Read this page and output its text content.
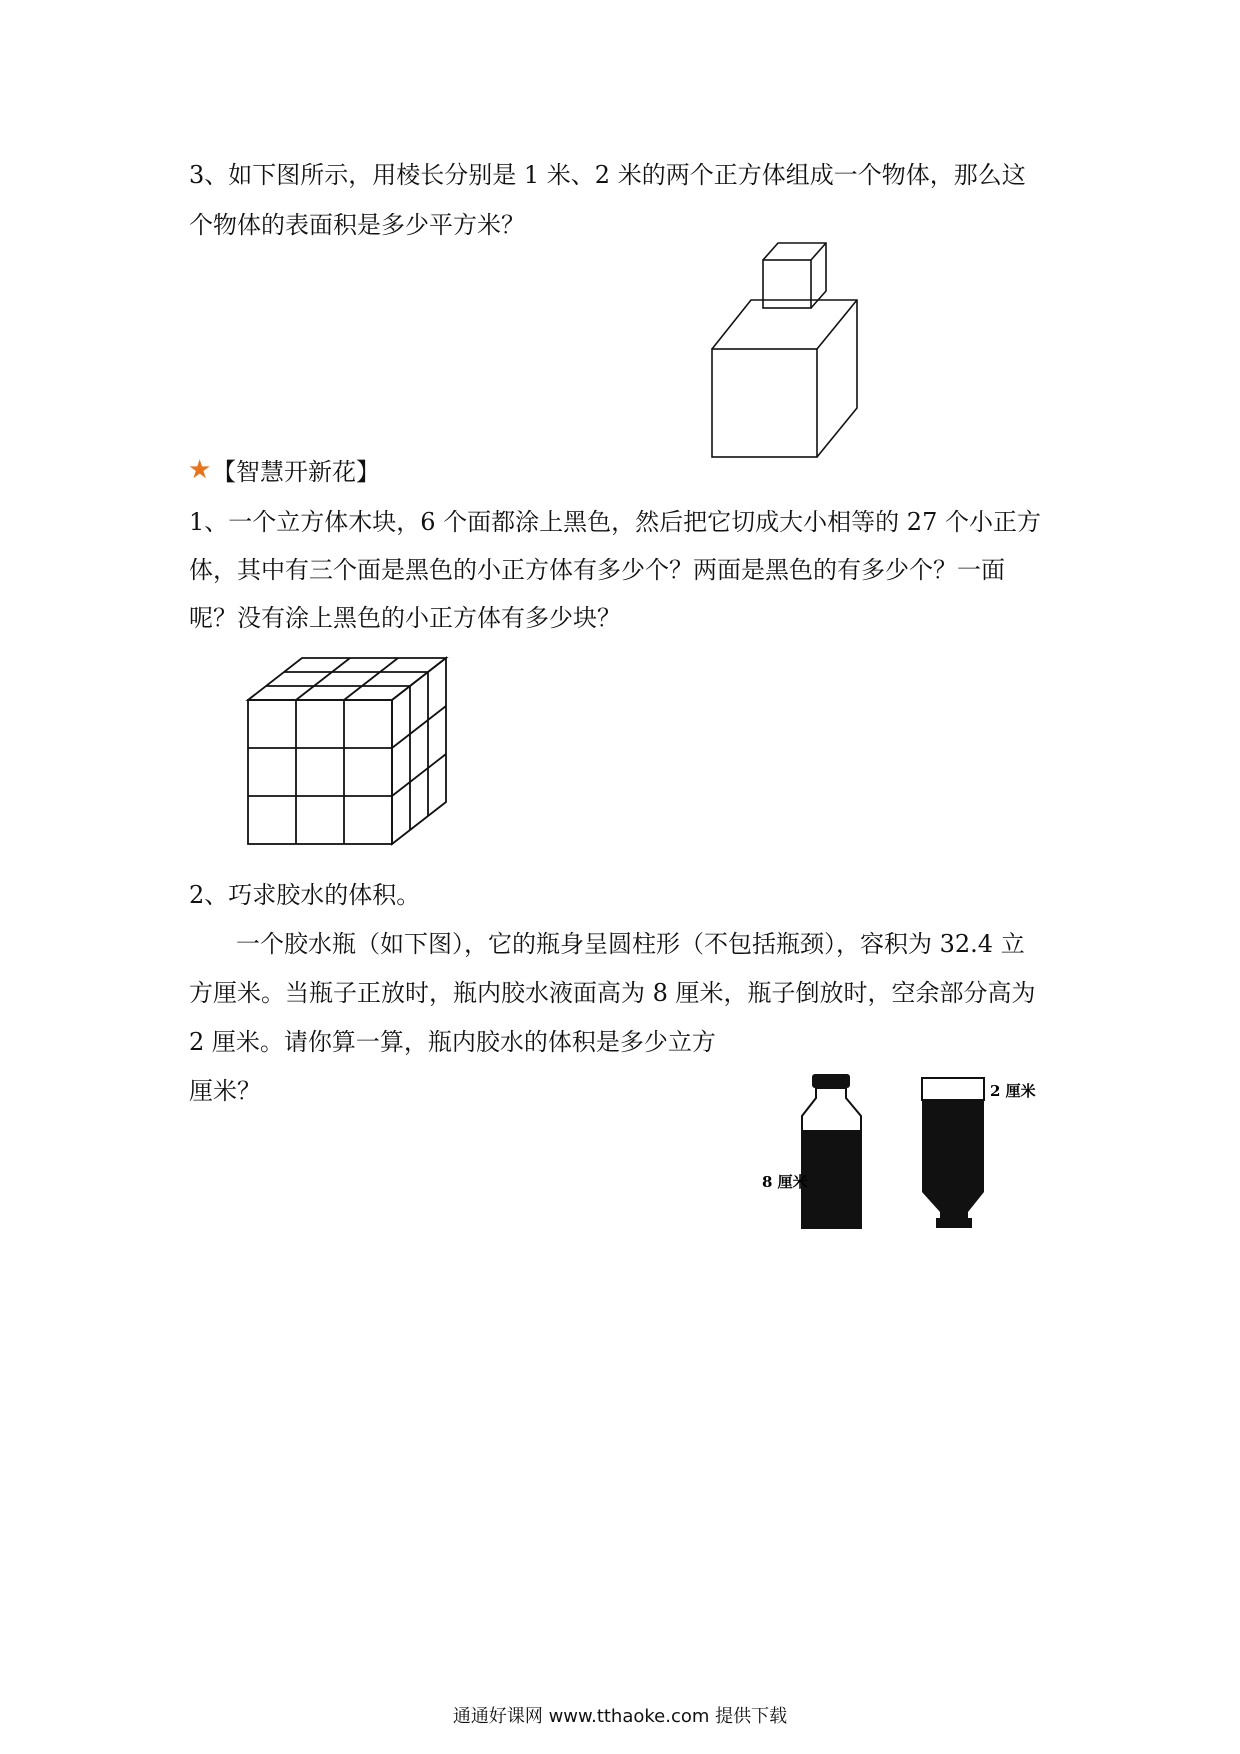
3、如下图所示，用棱长分别是 1 米、2 米的两个正方体组成一个物体，那么这

个物体的表面积是多少平方米？

★ 【智慧开新花】

1、一个立方体木块，6 个面都涂上黑色，然后把它切成大小相等的 27 个小正方

体，其中有三个面是黑色的小正方体有多少个？两面是黑色的有多少个？一面

呢？没有涂上黑色的小正方体有多少块？

2、巧求胶水的体积。

一个胶水瓶（如下图），它的瓶身呈圆柱形（不包括瓶颈），容积为 32.4 立

方厘米。当瓶子正放时，瓶内胶水液面高为 8 厘米，瓶子倒放时，空余部分高为

2 厘米。请你算一算，瓶内胶水的体积是多少立方

厘米？

8 厘米
2 厘米
通通好课网 www.tthaoke.com 提供下载
